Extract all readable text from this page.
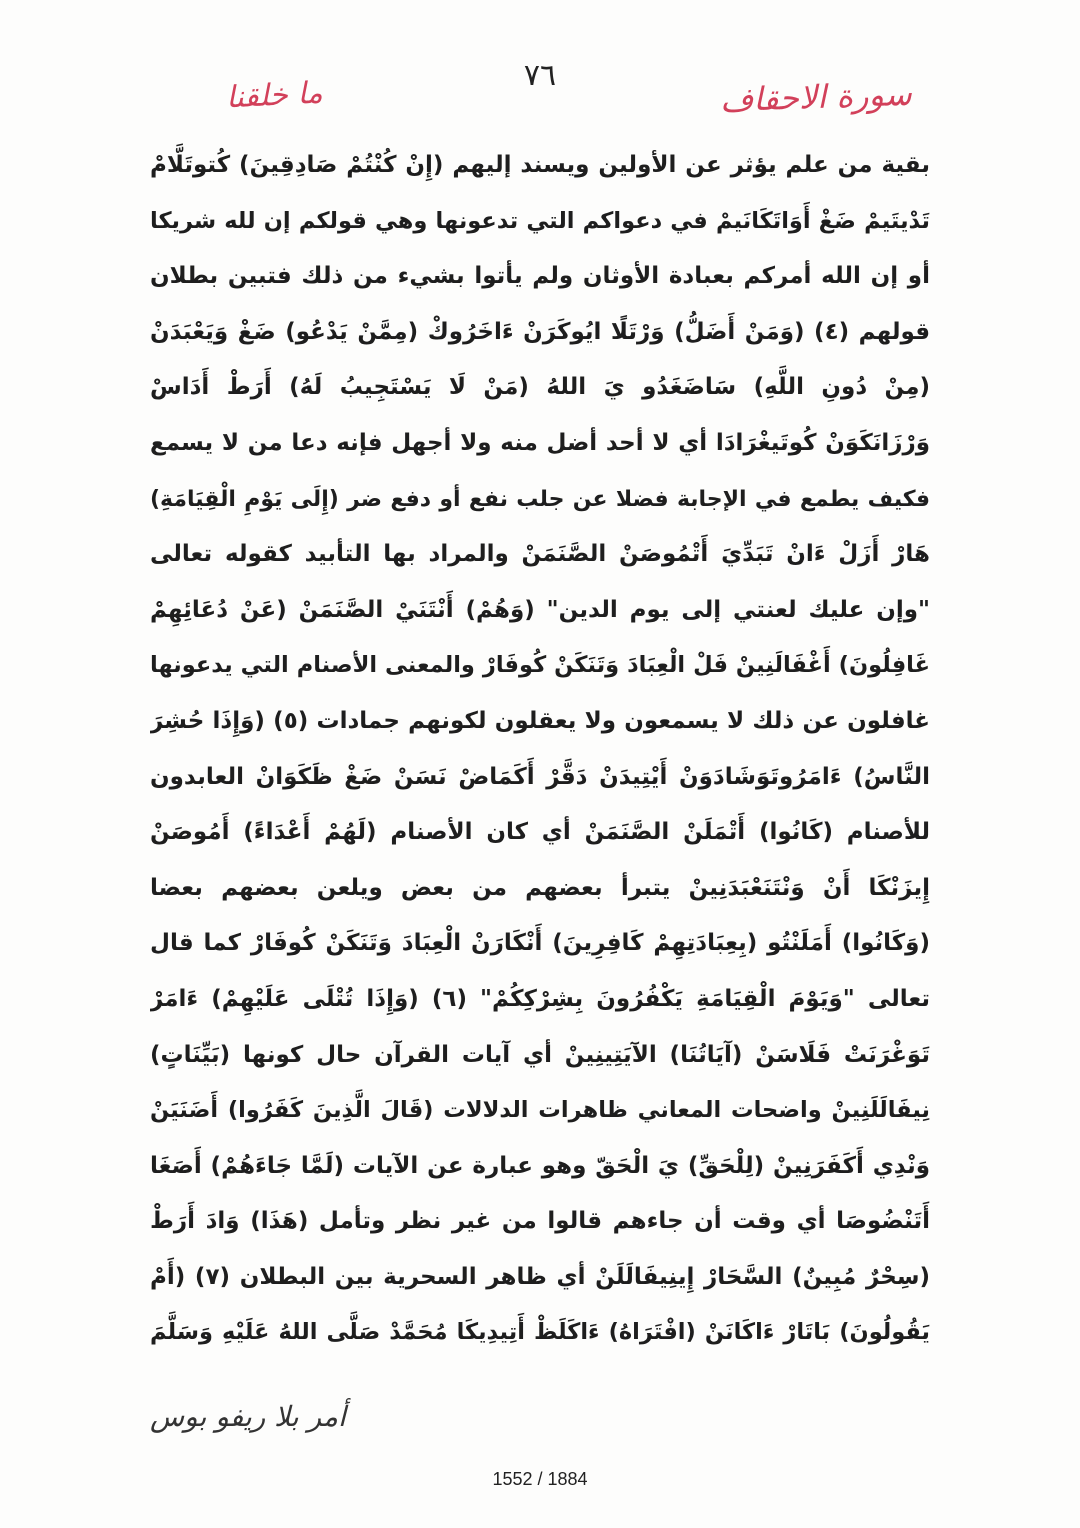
٧٦	سورة الاحقاف
ما خلقنا
بقية من علم يؤثر عن الأولين ويسند إليهم (إِنْ كُنْتُمْ صَادِقِينَ) كُتوتَلَّامْ
تَدْيتَيمْ ضَغْ أَوَاتَكَانَيمْ في دعواكم التي تدعونها وهي قولكم إن لله شريكا
أو إن الله أمركم بعبادة الأوثان ولم يأتوا بشيء من ذلك فتبين بطلان
قولهم (٤) (وَمَنْ أَضَلُّ) وَرْتَلًا ايُوكَرَنْ ءَاخَرُوكْ (مِمَّنْ يَدْعُو) ضَغْ وَيَعْبَدَنْ
(مِنْ دُونِ اللَّهِ) سَاضَغَدُو يَ اللهُ (مَنْ لَا يَسْتَجِيبُ لَهُ) أَرَطْ أَدَاسْ
وَرْزَانَكَوَنْ كُوتَيغْرَادَا أي لا أحد أضل منه ولا أجهل فإنه دعا من لا يسمع
فكيف يطمع في الإجابة فضلا عن جلب نفع أو دفع ضر (إِلَى يَوْمِ الْقِيَامَةِ)
هَارْ أَزَلْ ءَانْ تَبَدِّيَ أَتْمُوصَنْ الصَّنَمَنْ والمراد بها التأبيد كقوله تعالى
"وإن عليك لعنتي إلى يوم الدين" (وَهُمْ) أَنْتَنَيْ الصَّنَمَنْ (عَنْ دُعَائِهِمْ
غَافِلُونَ) أَغْفَالَنِينْ فَلْ الْعِبَادَ وَتَنَكَنْ كُوفَارْ والمعنى الأصنام التي يدعونها
غافلون عن ذلك لا يسمعون ولا يعقلون لكونهم جمادات (٥) (وَإِذَا حُشِرَ
النَّاسُ) ءَامَرُوتَوَشَادَوَنْ أَيْتِيدَنْ دَقَّرْ أَكَمَاضْ نَسَنْ ضَغْ ظَكَوَانْ العابدون
للأصنام (كَانُوا) أَتْمَلَنْ الصَّنَمَنْ أي كان الأصنام (لَهُمْ أَعْدَاءً) أَمُوصَنْ
إِيزَنْكَا أَنْ وَنْتَنَعْبَدَنِينْ يتبرأ بعضهم من بعض ويلعن بعضهم بعضا
(وَكَانُوا) أَمَلَنْتُو (بِعِبَادَتِهِمْ كَافِرِينَ) أَنْكَارَنْ الْعِبَادَ وَتَنَكَنْ كُوفَارْ كما قال
تعالى "وَيَوْمَ الْقِيَامَةِ يَكْفُرُونَ بِشِرْكِكُمْ" (٦) (وَإِذَا تُتْلَى عَلَيْهِمْ) ءَامَرْ
تَوَغْرَنَتْ فَلَاسَنْ (آيَاتُنَا) الآيَتِينِينْ أي آيات القرآن حال كونها (بَيِّنَاتٍ)
نِيفَالَلَنِينْ واضحات المعاني ظاهرات الدلالات (قَالَ الَّذِينَ كَفَرُوا) أَضَنَيَنْ
وَنْدِي أَكَفَرَنِينْ (لِلْحَقِّ) يَ الْحَقّ وهو عبارة عن الآيات (لَمَّا جَاءَهُمْ) أَصَغَا
أَتَنْضُوصَا أي وقت أن جاءهم قالوا من غير نظر وتأمل (هَذَا) وَادَ أَرَطْ
(سِحْرٌ مُبِينٌ) السَّحَارْ إِينِيفَالَلَنْ أي ظاهر السحرية بين البطلان (٧) (أَمْ
يَقُولُونَ) بَاتَارْ ءَاكَانَنْ (افْتَرَاهُ) ءَاكَلَظْ أَتِيدِيكَا مُحَمَّدْ صَلَّى اللهُ عَلَيْهِ وَسَلَّمَ
أمر بلا ريفو بوس
1552 / 1884
